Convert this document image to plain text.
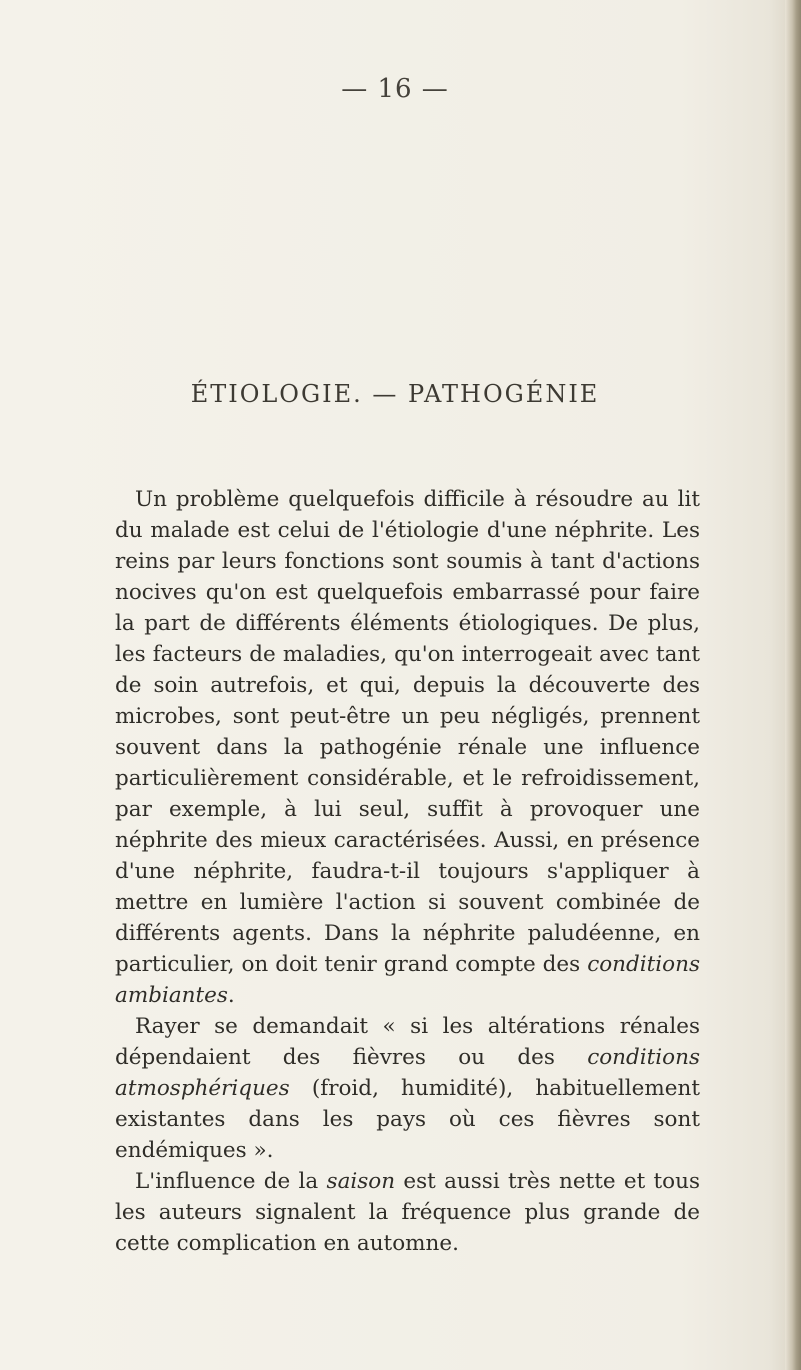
— 16 —
ÉTIOLOGIE. — PATHOGÉNIE

Un problème quelquefois difficile à résoudre au lit du malade est celui de l'étiologie d'une néphrite. Les reins par leurs fonctions sont soumis à tant d'actions nocives qu'on est quelquefois embarrassé pour faire la part de différents éléments étiologiques. De plus, les facteurs de maladies, qu'on interrogeait avec tant de soin autrefois, et qui, depuis la découverte des microbes, sont peut-être un peu négligés, prennent souvent dans la pathogénie rénale une influence particulièrement considérable, et le refroidissement, par exemple, à lui seul, suffit à provoquer une néphrite des mieux caractérisées. Aussi, en présence d'une néphrite, faudra-t-il toujours s'appliquer à mettre en lumière l'action si souvent combinée de différents agents. Dans la néphrite paludéenne, en particulier, on doit tenir grand compte des conditions ambiantes.

Rayer se demandait « si les altérations rénales dépendaient des fièvres ou des conditions atmosphériques (froid, humidité), habituellement existantes dans les pays où ces fièvres sont endémiques ».

L'influence de la saison est aussi très nette et tous les auteurs signalent la fréquence plus grande de cette complication en automne.
